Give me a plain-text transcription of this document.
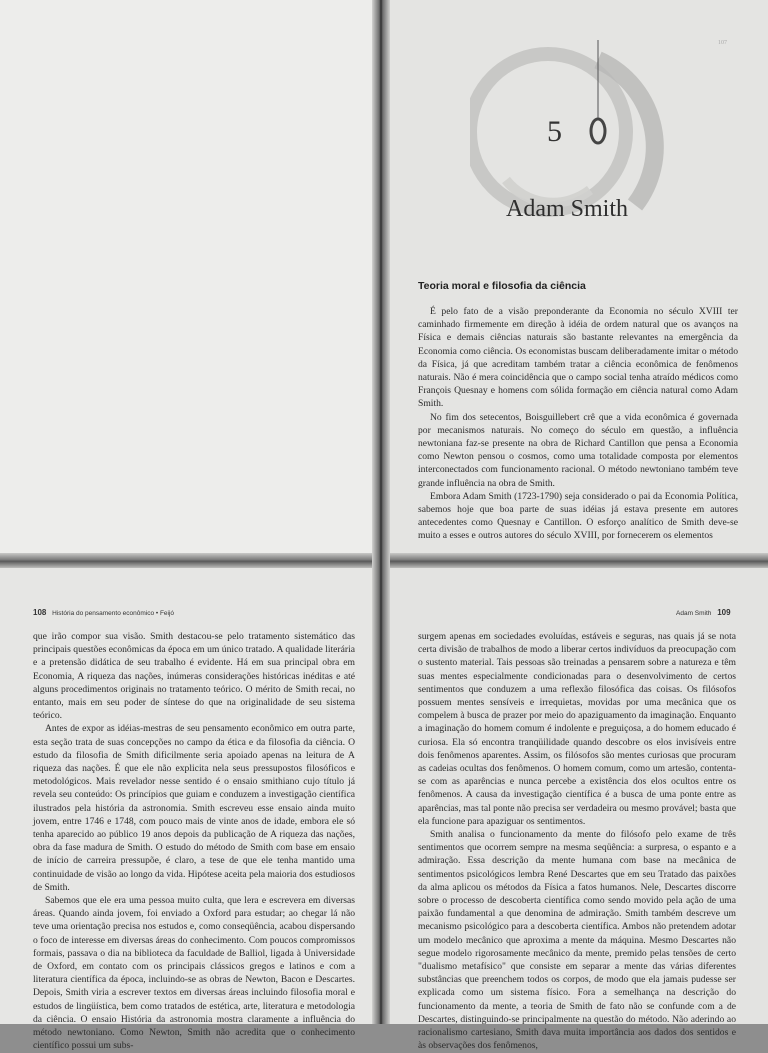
107
5
Adam Smith
Teoria moral e filosofia da ciência

É pelo fato de a visão preponderante da Economia no século XVIII ter caminhado firmemente em direção à idéia de ordem natural que os avanços na Física e demais ciências naturais são bastante relevantes na emergência da Economia como ciência. Os economistas buscam deliberadamente imitar o método da Física, já que acreditam também tratar a ciência econômica de fenômenos naturais. Não é mera coincidência que o campo social tenha atraído médicos como François Quesnay e homens com sólida formação em ciência natural como Adam Smith.

No fim dos setecentos, Boisguillebert crê que a vida econômica é governada por mecanismos naturais. No começo do século em questão, a influência newtoniana faz-se presente na obra de Richard Cantillon que pensa a Economia como Newton pensou o cosmos, como uma totalidade composta por elementos interconectados com funcionamento racional. O método newtoniano também teve grande influência na obra de Smith.

Embora Adam Smith (1723-1790) seja considerado o pai da Economia Política, sabemos hoje que boa parte de suas idéias já estava presente em autores antecedentes como Quesnay e Cantillon. O esforço analítico de Smith deve-se muito a esses e outros autores do século XVIII, por fornecerem os elementos

108 História do pensamento econômico • Feijó	Adam Smith 109

que irão compor sua visão. Smith destacou-se pelo tratamento sistemático das principais questões econômicas da época em um único tratado. A qualidade literária e a pretensão didática de seu trabalho é evidente. Há em sua principal obra em Economia, A riqueza das nações, inúmeras considerações históricas inéditas e até alguns procedimentos originais no tratamento teórico. O mérito de Smith recai, no entanto, mais em seu poder de síntese do que na originalidade de seu sistema teórico.

Antes de expor as idéias-mestras de seu pensamento econômico em outra parte, esta seção trata de suas concepções no campo da ética e da filosofia da ciência. O estudo da filosofia de Smith dificilmente seria apoiado apenas na leitura de A riqueza das nações. É que ele não explicita nela seus pressupostos filosóficos e metodológicos. Mais revelador nesse sentido é o ensaio smithiano cujo título já revela seu conteúdo: Os princípios que guiam e conduzem a investigação científica ilustrados pela história da astronomia. Smith escreveu esse ensaio ainda muito jovem, entre 1746 e 1748, com pouco mais de vinte anos de idade, embora ele só tenha aparecido ao público 19 anos depois da publicação de A riqueza das nações, obra da fase madura de Smith. O estudo do método de Smith com base em ensaio de início de carreira pressupõe, é claro, a tese de que ele tenha mantido uma continuidade de visão ao longo da vida. Hipótese aceita pela maioria dos estudiosos de Smith.

Sabemos que ele era uma pessoa muito culta, que lera e escrevera em diversas áreas. Quando ainda jovem, foi enviado a Oxford para estudar; ao chegar lá não teve uma orientação precisa nos estudos e, como conseqüência, acabou dispersando o foco de interesse em diversas áreas do conhecimento. Com poucos compromissos formais, passava o dia na biblioteca da faculdade de Balliol, ligada à Universidade de Oxford, em contato com os principais clássicos gregos e latinos e com a literatura científica da época, incluindo-se as obras de Newton, Bacon e Descartes. Depois, Smith viria a escrever textos em diversas áreas incluindo filosofia moral e estudos de lingüística, bem como tratados de estética, arte, literatura e metodologia da ciência. O ensaio História da astronomia mostra claramente a influência do método newtoniano. Como Newton, Smith não acredita que o conhecimento científico possui um subs-

surgem apenas em sociedades evoluídas, estáveis e seguras, nas quais já se nota certa divisão de trabalhos de modo a liberar certos indivíduos da preocupação com o sustento material. Tais pessoas são treinadas a pensarem sobre a natureza e têm suas mentes especialmente condicionadas para o desenvolvimento de certos sentimentos que conduzem a uma reflexão filosófica das coisas. Os filósofos possuem mentes sensíveis e irrequietas, movidas por uma mecânica que os compelem à busca de prazer por meio do apaziguamento da imaginação. Enquanto a imaginação do homem comum é indolente e preguiçosa, a do homem educado é curiosa. Ela só encontra tranqüilidade quando descobre os elos invisíveis entre dois fenômenos aparentes. Assim, os filósofos são mentes curiosas que procuram as cadeias ocultas dos fenômenos. O homem comum, como um artesão, contenta-se com as aparências e nunca percebe a existência dos elos ocultos entre os fenômenos. A causa da investigação científica é a busca de uma ponte entre as aparências, mas tal ponte não precisa ser verdadeira ou mesmo provável; basta que ela funcione para apaziguar os sentimentos.

Smith analisa o funcionamento da mente do filósofo pelo exame de três sentimentos que ocorrem sempre na mesma seqüência: a surpresa, o espanto e a admiração. Essa descrição da mente humana com base na mecânica de sentimentos psicológicos lembra René Descartes que em seu Tratado das paixões da alma aplicou os métodos da Física a fatos humanos. Nele, Descartes discorre sobre o processo de descoberta científica como sendo movido pela ação de uma paixão fundamental a que denomina de admiração. Smith também descreve um mecanismo psicológico para a descoberta científica. Ambos não pretendem adotar um modelo mecânico que aproxima a mente da máquina. Mesmo Descartes não segue modelo rigorosamente mecânico da mente, premido pelas tensões de certo "dualismo metafísico" que consiste em separar a mente das várias diferentes substâncias que preenchem todos os corpos, de modo que ela jamais pudesse ser explicada como um sistema físico. Fora a semelhança na descrição do funcionamento da mente, a teoria de Smith de fato não se confunde com a de Descartes, distinguindo-se principalmente na questão do método. Não aderindo ao racionalismo cartesiano, Smith dava muita importância aos dados dos sentidos e às observações dos fenômenos,
